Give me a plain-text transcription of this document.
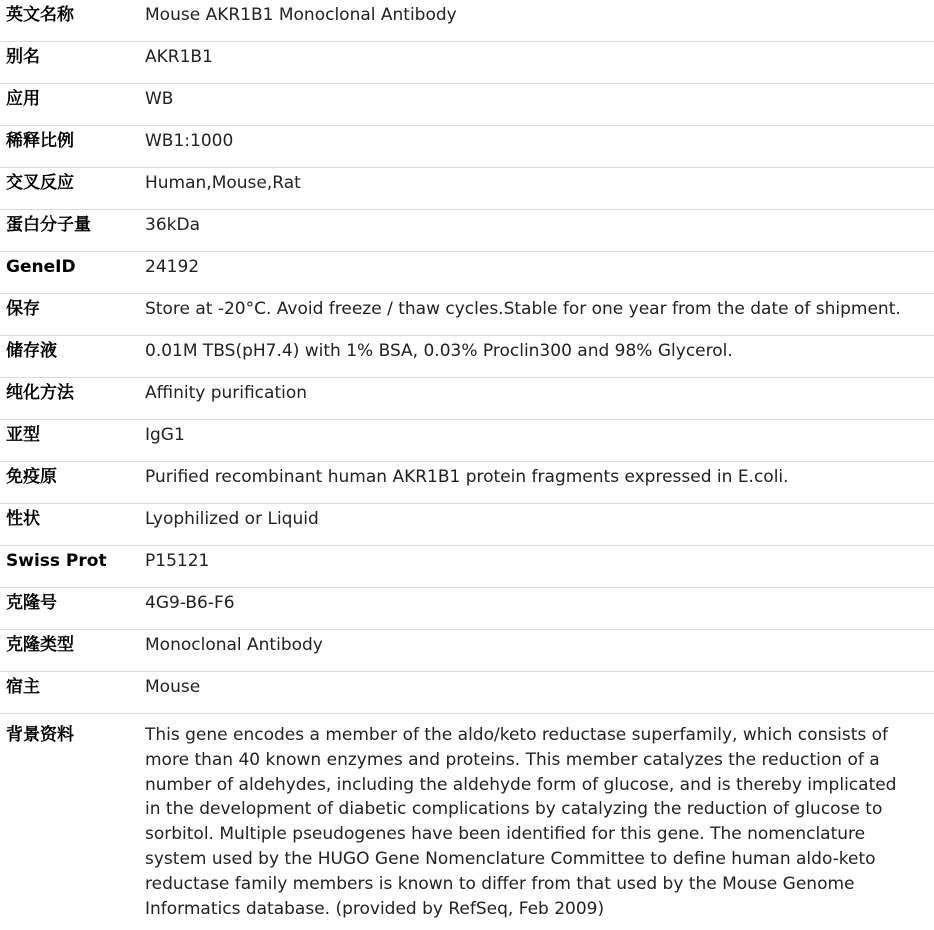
英文名称	Mouse AKR1B1 Monoclonal Antibody
别名	AKR1B1
应用	WB
稀释比例	WB1:1000
交叉反应	Human,Mouse,Rat
蛋白分子量	36kDa
GeneID	24192
保存	Store at -20°C. Avoid freeze / thaw cycles.Stable for one year from the date of shipment.
储存液	0.01M TBS(pH7.4) with 1% BSA, 0.03% Proclin300 and 98% Glycerol.
纯化方法	Affinity purification
亚型	IgG1
免疫原	Purified recombinant human AKR1B1 protein fragments expressed in E.coli.
性状	Lyophilized or Liquid
Swiss Prot	P15121
克隆号	4G9-B6-F6
克隆类型	Monoclonal Antibody
宿主	Mouse
背景资料	This gene encodes a member of the aldo/keto reductase superfamily, which consists of more than 40 known enzymes and proteins. This member catalyzes the reduction of a number of aldehydes, including the aldehyde form of glucose, and is thereby implicated in the development of diabetic complications by catalyzing the reduction of glucose to sorbitol. Multiple pseudogenes have been identified for this gene. The nomenclature system used by the HUGO Gene Nomenclature Committee to define human aldo-keto reductase family members is known to differ from that used by the Mouse Genome Informatics database. (provided by RefSeq, Feb 2009)
